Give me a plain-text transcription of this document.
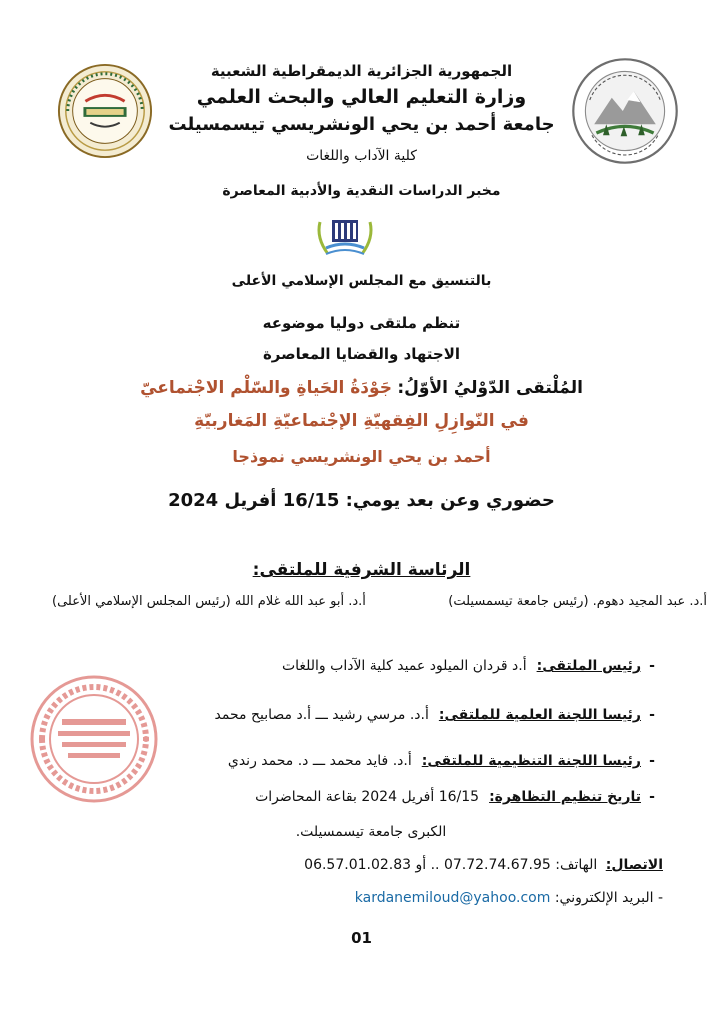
الجمهورية الجزائرية الديمقراطية الشعبية
وزارة التعليم العالي والبحث العلمي
جامعة أحمد بن يحي الونشريسي تيسمسيلت
كلية الآداب واللغات
مخبر الدراسات النقدية والأدبية المعاصرة
بالتنسيق مع المجلس الإسلامي الأعلى
تنظم ملتقى دوليا موضوعه
الاجتهاد والقضايا المعاصرة
المُلْتقى الدّوْليُ الأوّلُ: جَوْدَةُ الحَياةِ والسّلْم الاجْتماعيّ
في النّوازِلِ الفِقهيّةِ الإجْتماعيّةِ المَغاربيّةِ
أحمد بن يحي الونشريسي نموذجا
حضوري وعن بعد يومي: 16/15 أفريل 2024
الرئاسة الشرفية للملتقى:
أ.د. عبد المجيد دهوم. (رئيس جامعة تيسمسيلت)
أ.د. أبو عبد الله غلام الله (رئيس المجلس الإسلامي الأعلى)
-
رئيس الملتقى:
أ.د قردان الميلود عميد كلية الآداب واللغات
-
رئيسا اللجنة العلمية للملتقى:
أ.د. مرسي رشيد ـــ أ.د مصابيح محمد
-
رئيسا اللجنة التنظيمية للملتقى:
أ.د. فايد محمد ـــ د. محمد رندي
-
تاريخ تنظيم التظاهرة:
16/15 أفريل 2024 بقاعة المحاضرات
الكبرى جامعة تيسمسيلت.
الاتصال: الهاتف: 07.72.74.67.95 .. أو 06.57.01.02.83
- البريد الإلكتروني: kardanemiloud@yahoo.com
01
